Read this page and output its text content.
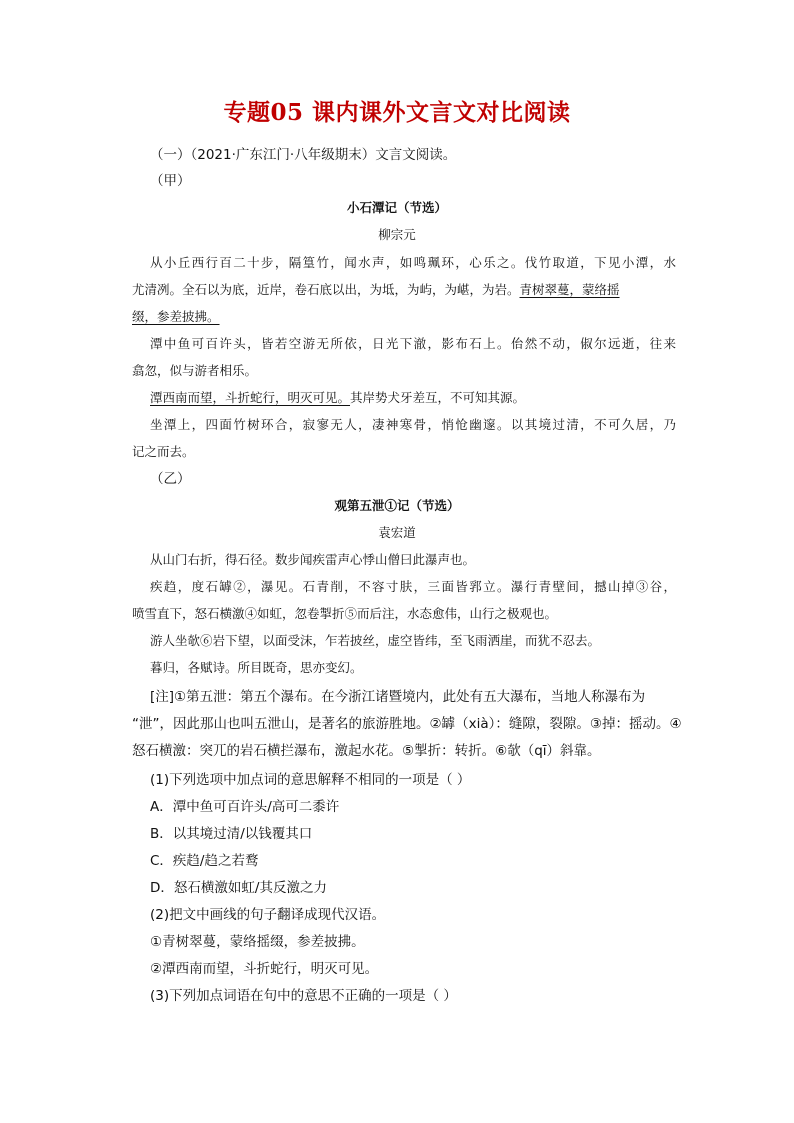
专题05 课内课外文言文对比阅读
（一）（2021·广东江门·八年级期末）文言文阅读。
（甲）
小石潭记（节选）
柳宗元
从小丘西行百二十步，隔篁竹，闻水声，如鸣珮环，心乐之。伐竹取道，下见小潭，水
尤清冽。全石以为底，近岸，卷石底以出，为坻，为屿，为嵁，为岩。青树翠蔓，蒙络摇
缀，参差披拂。
潭中鱼可百许头，皆若空游无所依，日光下澈，影布石上。佁然不动，俶尔远逝，往来
翕忽，似与游者相乐。
潭西南而望，斗折蛇行，明灭可见。其岸势犬牙差互，不可知其源。
坐潭上，四面竹树环合，寂寥无人，凄神寒骨，悄怆幽邃。以其境过清，不可久居，乃
记之而去。
（乙）
观第五泄①记（节选）
袁宏道
从山门右折，得石径。数步闻疾雷声心悸山僧曰此瀑声也。
疾趋，度石罅②，瀑见。石青削，不容寸肤，三面皆郛立。瀑行青壁间，撼山掉③谷，
喷雪直下，怒石横激④如虹，忽卷掣折⑤而后注，水态愈伟，山行之极观也。
游人坐欹⑥岩下望，以面受沫，乍若披丝，虚空皆纬，至飞雨洒崖，而犹不忍去。
暮归，各赋诗。所目既奇，思亦变幻。
[注]①第五泄：第五个瀑布。在今浙江诸暨境内，此处有五大瀑布，当地人称瀑布为
“泄”，因此那山也叫五泄山，是著名的旅游胜地。②罅（xià）：缝隙，裂隙。③掉：摇动。④
怒石横激：突兀的岩石横拦瀑布，激起水花。⑤掣折：转折。⑥欹（qī）斜靠。
(1)下列选项中加点词的意思解释不相同的一项是（ ）
A．潭中鱼可百许头/高可二黍许
B．以其境过清/以钱覆其口
C．疾趋/趋之若鹜
D．怒石横激如虹/其反激之力
(2)把文中画线的句子翻译成现代汉语。
①青树翠蔓，蒙络摇缀，参差披拂。
②潭西南而望，斗折蛇行，明灭可见。
(3)下列加点词语在句中的意思不正确的一项是（ ）
